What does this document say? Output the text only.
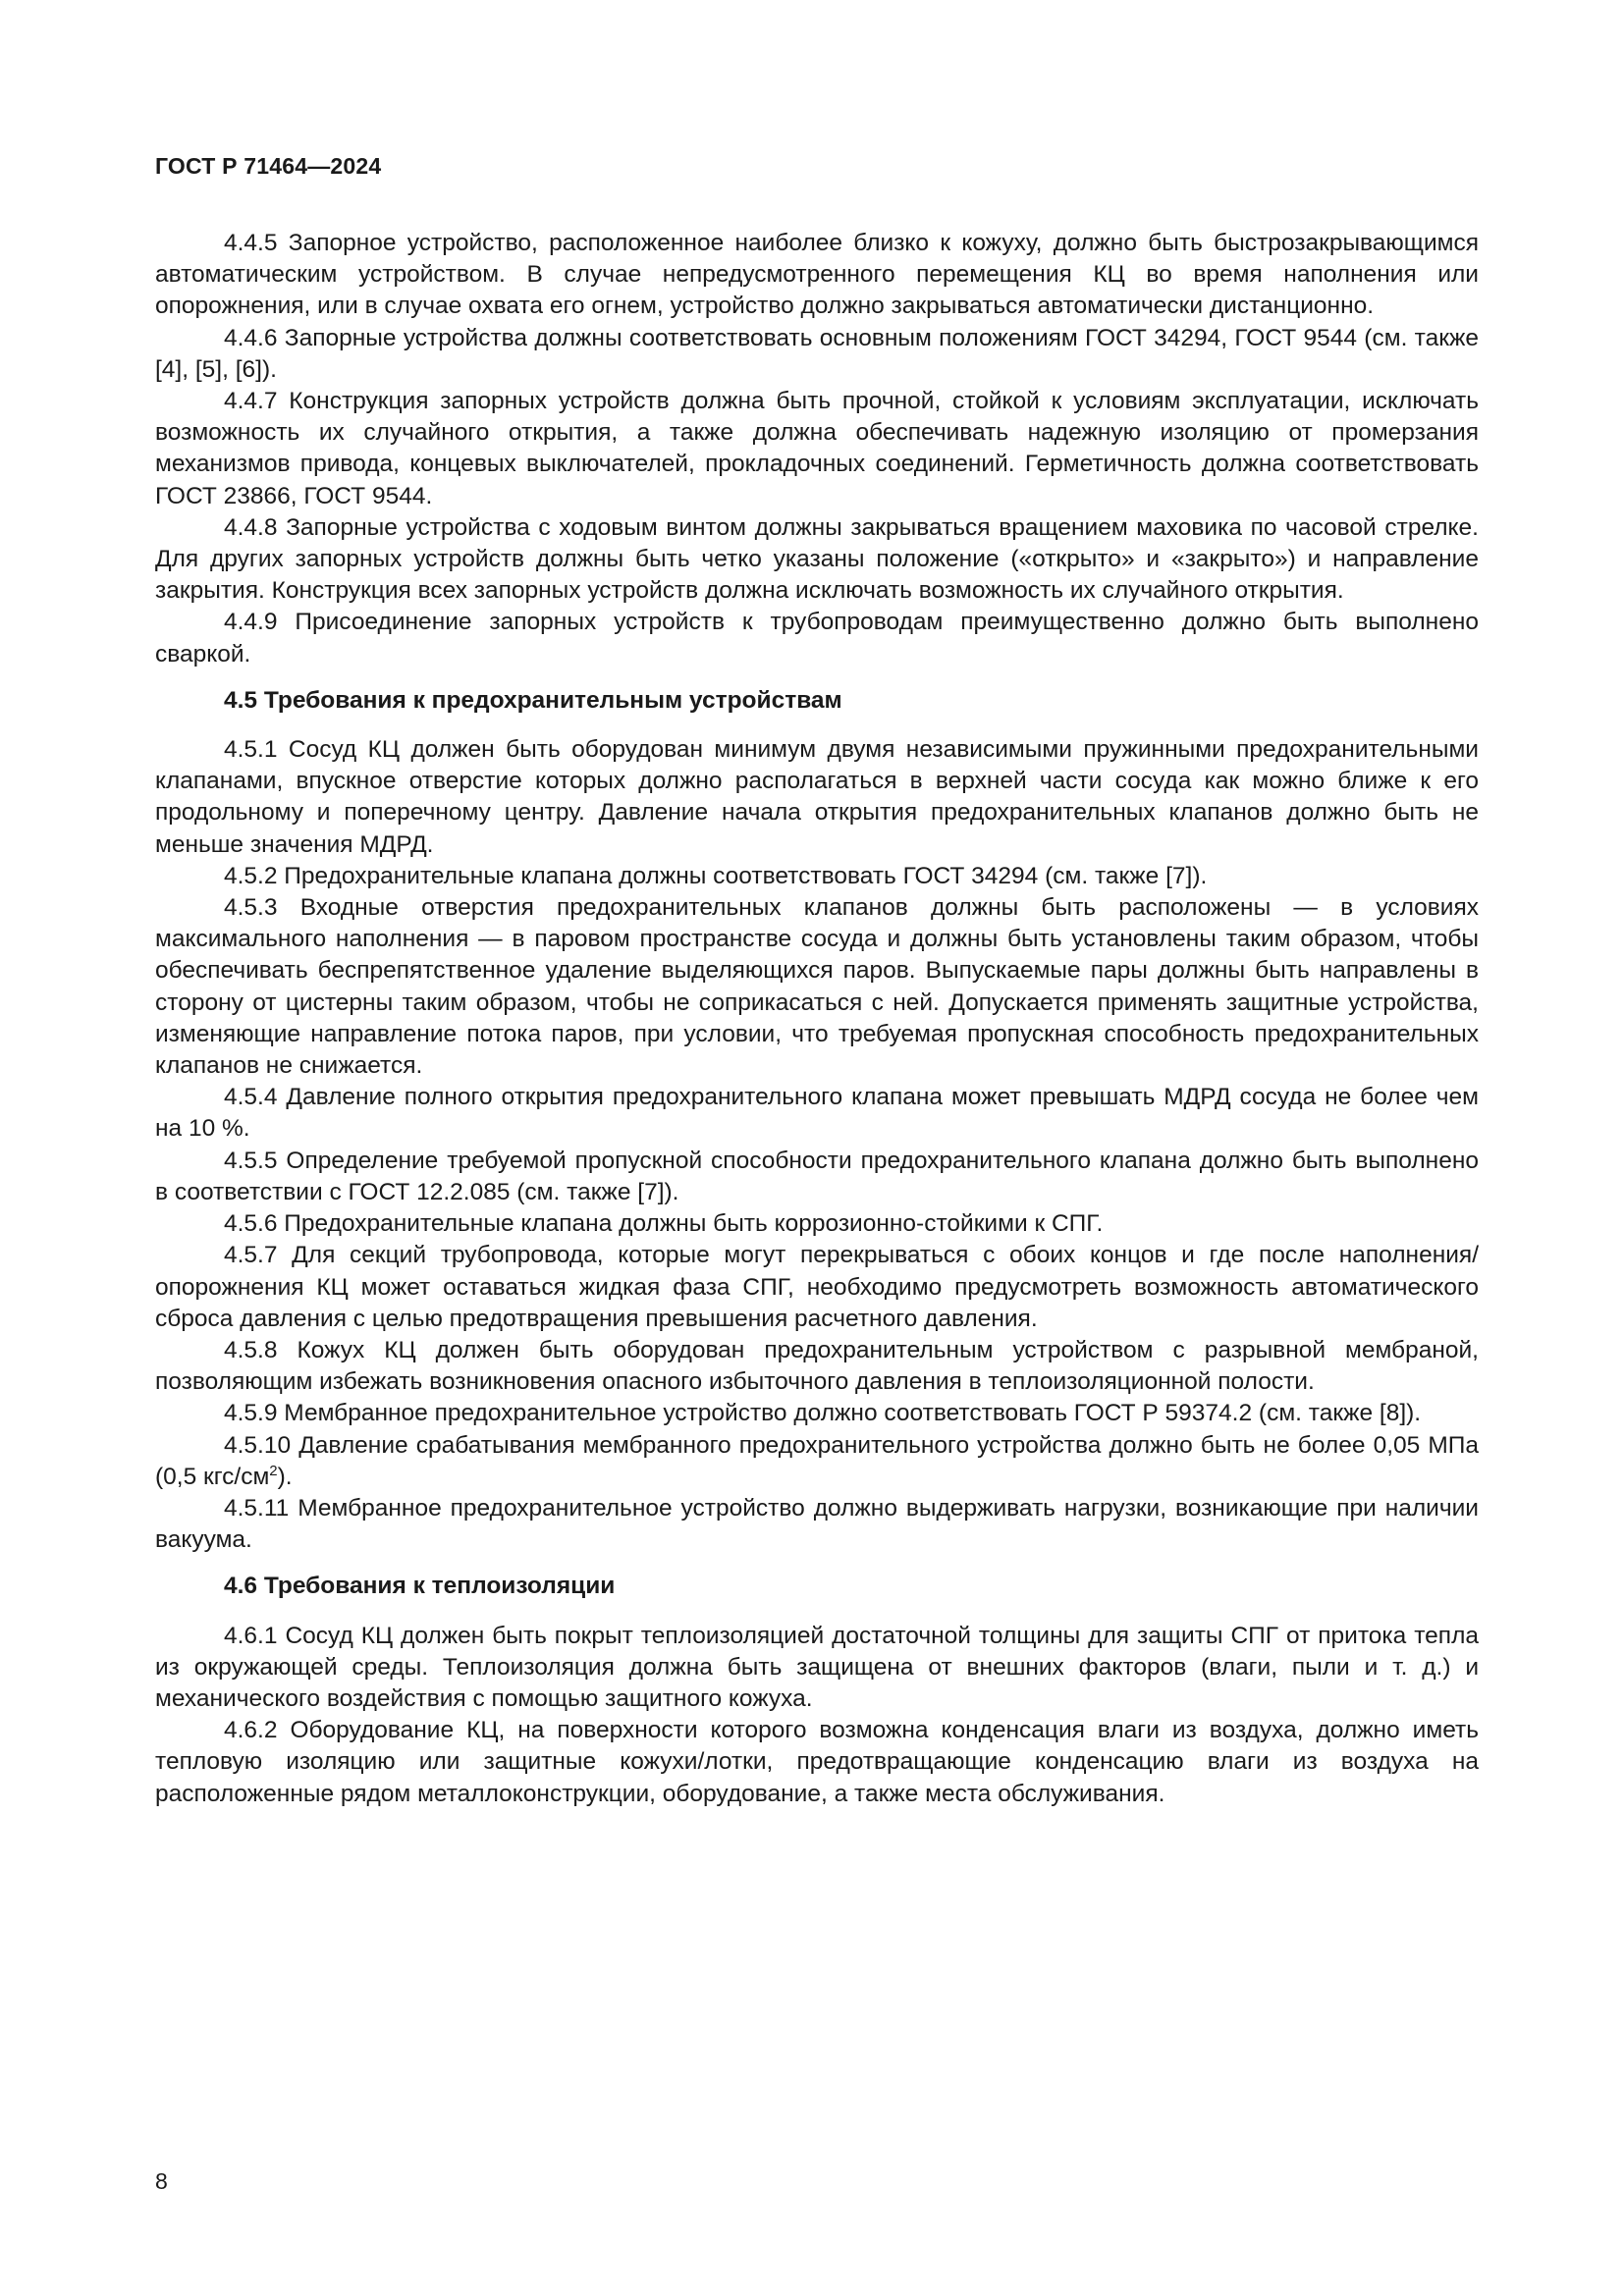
ГОСТ Р 71464—2024

4.4.5 Запорное устройство, расположенное наиболее близко к кожуху, должно быть быстрозакрывающимся автоматическим устройством. В случае непредусмотренного перемещения КЦ во время наполнения или опорожнения, или в случае охвата его огнем, устройство должно закрываться автоматически дистанционно.

4.4.6 Запорные устройства должны соответствовать основным положениям ГОСТ 34294, ГОСТ 9544 (см. также [4], [5], [6]).

4.4.7 Конструкция запорных устройств должна быть прочной, стойкой к условиям эксплуатации, исключать возможность их случайного открытия, а также должна обеспечивать надежную изоляцию от промерзания механизмов привода, концевых выключателей, прокладочных соединений. Герметичность должна соответствовать ГОСТ 23866, ГОСТ 9544.

4.4.8 Запорные устройства с ходовым винтом должны закрываться вращением маховика по часовой стрелке. Для других запорных устройств должны быть четко указаны положение («открыто» и «закрыто») и направление закрытия. Конструкция всех запорных устройств должна исключать возможность их случайного открытия.

4.4.9 Присоединение запорных устройств к трубопроводам преимущественно должно быть выполнено сваркой.

4.5 Требования к предохранительным устройствам

4.5.1 Сосуд КЦ должен быть оборудован минимум двумя независимыми пружинными предохранительными клапанами, впускное отверстие которых должно располагаться в верхней части сосуда как можно ближе к его продольному и поперечному центру. Давление начала открытия предохранительных клапанов должно быть не меньше значения МДРД.

4.5.2 Предохранительные клапана должны соответствовать ГОСТ 34294 (см. также [7]).

4.5.3 Входные отверстия предохранительных клапанов должны быть расположены — в условиях максимального наполнения — в паровом пространстве сосуда и должны быть установлены таким образом, чтобы обеспечивать беспрепятственное удаление выделяющихся паров. Выпускаемые пары должны быть направлены в сторону от цистерны таким образом, чтобы не соприкасаться с ней. Допускается применять защитные устройства, изменяющие направление потока паров, при условии, что требуемая пропускная способность предохранительных клапанов не снижается.

4.5.4 Давление полного открытия предохранительного клапана может превышать МДРД сосуда не более чем на 10 %.

4.5.5 Определение требуемой пропускной способности предохранительного клапана должно быть выполнено в соответствии с ГОСТ 12.2.085 (см. также [7]).

4.5.6 Предохранительные клапана должны быть коррозионно-стойкими к СПГ.

4.5.7 Для секций трубопровода, которые могут перекрываться с обоих концов и где после наполнения/опорожнения КЦ может оставаться жидкая фаза СПГ, необходимо предусмотреть возможность автоматического сброса давления с целью предотвращения превышения расчетного давления.

4.5.8 Кожух КЦ должен быть оборудован предохранительным устройством с разрывной мембраной, позволяющим избежать возникновения опасного избыточного давления в теплоизоляционной полости.

4.5.9 Мембранное предохранительное устройство должно соответствовать ГОСТ Р 59374.2 (см. также [8]).

4.5.10 Давление срабатывания мембранного предохранительного устройства должно быть не более 0,05 МПа (0,5 кгс/$см^2$).

4.5.11 Мембранное предохранительное устройство должно выдерживать нагрузки, возникающие при наличии вакуума.

4.6 Требования к теплоизоляции

4.6.1 Сосуд КЦ должен быть покрыт теплоизоляцией достаточной толщины для защиты СПГ от притока тепла из окружающей среды. Теплоизоляция должна быть защищена от внешних факторов (влаги, пыли и т. д.) и механического воздействия с помощью защитного кожуха.

4.6.2 Оборудование КЦ, на поверхности которого возможна конденсация влаги из воздуха, должно иметь тепловую изоляцию или защитные кожухи/лотки, предотвращающие конденсацию влаги из воздуха на расположенные рядом металлоконструкции, оборудование, а также места обслуживания.

8
